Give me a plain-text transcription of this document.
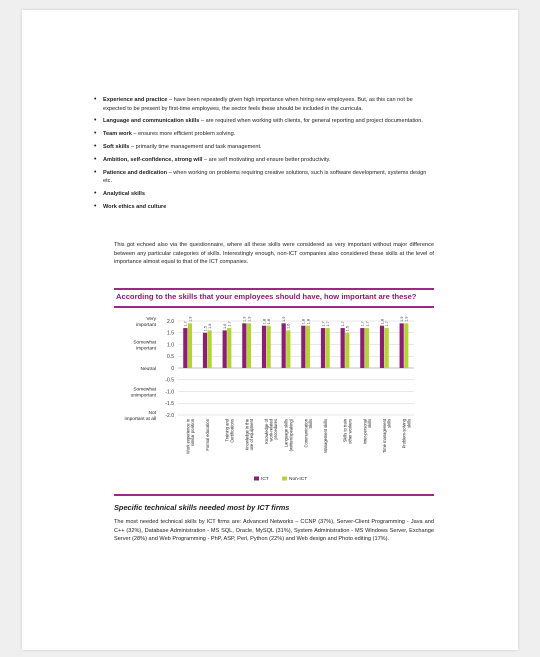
• Experience and practice – have been repeatedly given high importance when hiring new employees. But, as this can not be expected to be present by first-time employees, the sector feels these should be included in the curricula.
• Language and communication skills – are required when working with clients, for general reporting and project documentation.
• Team work – ensures more efficient problem solving.
• Soft skills – primarily time management and task management.
• Ambition, self-confidence, strong will – are self motivating and ensure better productivity.
• Patience and dedication – when working on problems requiring creative solutions, such is software development, systems design etc.
• Analytical skills
• Work ethics and culture

This got echoed also via the questionnaire, where all these skills were considered as very important without major difference between any particular categories of skills. Interestingly enough, non-ICT companies also considered these skills at the level of importance almost equal to that of the ICT companies.

According to the skills that your employees should have, how important are these?
2.0
1.5
1.0
0.5
0
-0.5
-1.0
-1.5
-2.0
Very important
Somewhat important
Neutral
Somewhat unimportant
Not important at all
1.7
1.5	1.6
1.9	1.8	1.9	1.8	1.7	1.7	1.7	1.8	1.9
1.9
1.6	1.7
1.9	1.8
1.6
1.8	1.7
1.5
1.7	1.7
1.9
Work experience insimilar position Formal education	Training andCertifications Knowledge in theuse of equipment Knowledge ofwork-relatedprocedures Language skills(written/speaking) CommunicationSkills Management skills	Skills to trainother workers Inter-personalskills Time managementskills Problem-solvingskills
ICT	Non-ICT
Specific technical skills needed most by ICT firms

The most needed technical skills by ICT firms are: Advanced Networks – CCNP (37%), Server-Client Programming - Java and C++ (32%), Database Administration - MS SQL, Oracle, MySQL (31%), System Administration - MS Windows Server, Exchange Server (28%) and Web Programming - PhP, ASP, Perl, Python (22%) and Web design and Photo editing (17%).
